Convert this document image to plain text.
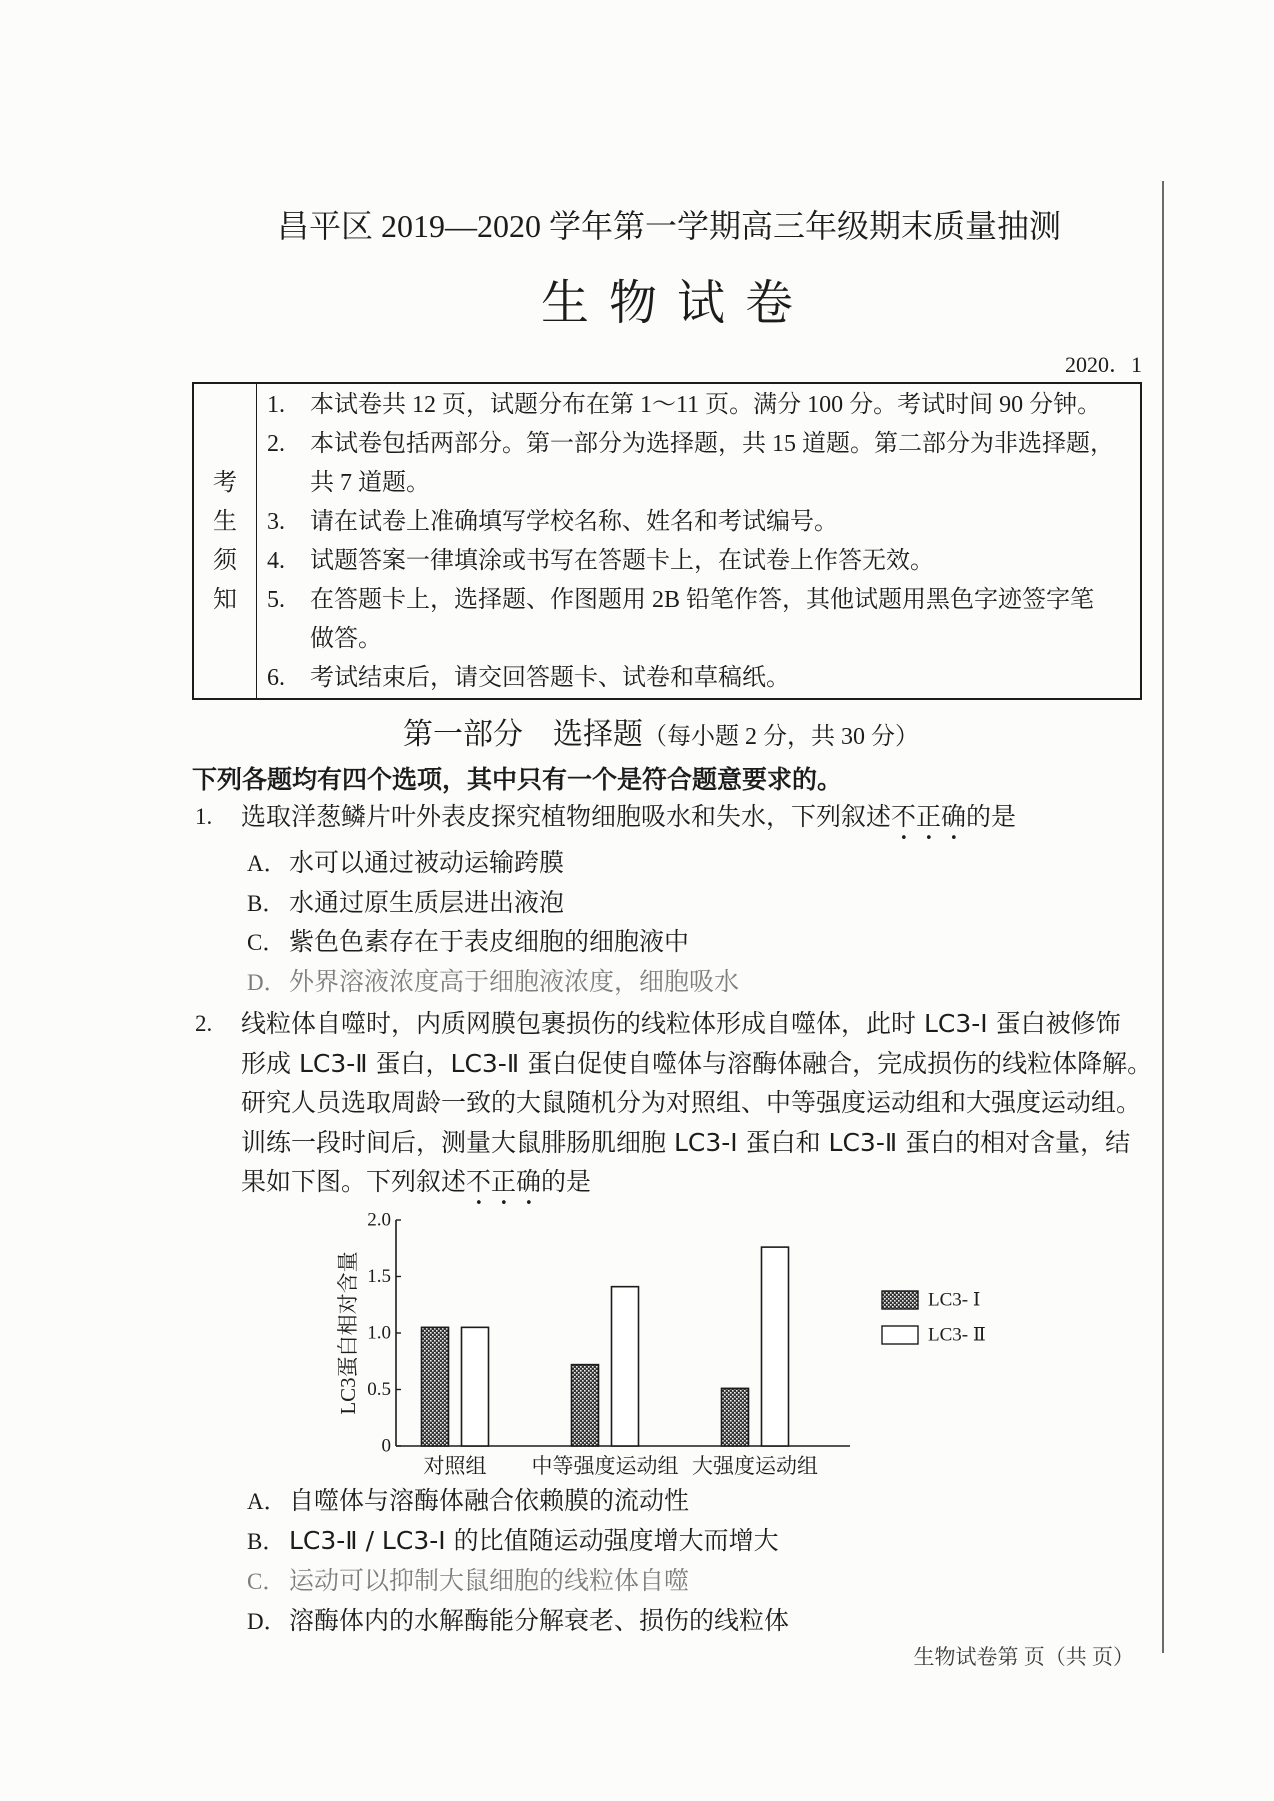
昌平区 2019—2020 学年第一学期高三年级期末质量抽测
生 物 试 卷
2020．1
考
生
须
知
1. 本试卷共 12 页，试题分布在第 1～11 页。满分 100 分。考试时间 90 分钟。
2. 本试卷包括两部分。第一部分为选择题，共 15 道题。第二部分为非选择题，
共 7 道题。
3. 请在试卷上准确填写学校名称、姓名和考试编号。
4. 试题答案一律填涂或书写在答题卡上，在试卷上作答无效。
5. 在答题卡上，选择题、作图题用 2B 铅笔作答，其他试题用黑色字迹签字笔
做答。
6. 考试结束后，请交回答题卡、试卷和草稿纸。
第一部分　选择题（每小题 2 分，共 30 分）
下列各题均有四个选项，其中只有一个是符合题意要求的。
1. 选取洋葱鳞片叶外表皮探究植物细胞吸水和失水，下列叙述不正确的是
A．水可以通过被动运输跨膜
B． 水通过原生质层进出液泡
C． 紫色色素存在于表皮细胞的细胞液中
D．外界溶液浓度高于细胞液浓度，细胞吸水
2. 线粒体自噬时，内质网膜包裹损伤的线粒体形成自噬体，此时 LC3-Ⅰ 蛋白被修饰
形成 LC3-Ⅱ 蛋白，LC3-Ⅱ 蛋白促使自噬体与溶酶体融合，完成损伤的线粒体降解。
研究人员选取周龄一致的大鼠随机分为对照组、中等强度运动组和大强度运动组。
训练一段时间后，测量大鼠腓肠肌细胞 LC3-Ⅰ 蛋白和 LC3-Ⅱ 蛋白的相对含量，结
果如下图。下列叙述不正确的是
0
0.5
1.0
1.5
2.0
LC3蛋白相对含量
对照组 中等强度运动组 大强度运动组
LC3- Ⅰ
LC3- Ⅱ
A．自噬体与溶酶体融合依赖膜的流动性
B． LC3-Ⅱ / LC3-Ⅰ 的比值随运动强度增大而增大
C． 运动可以抑制大鼠细胞的线粒体自噬
D．溶酶体内的水解酶能分解衰老、损伤的线粒体
生物试卷第 页（共 页）
